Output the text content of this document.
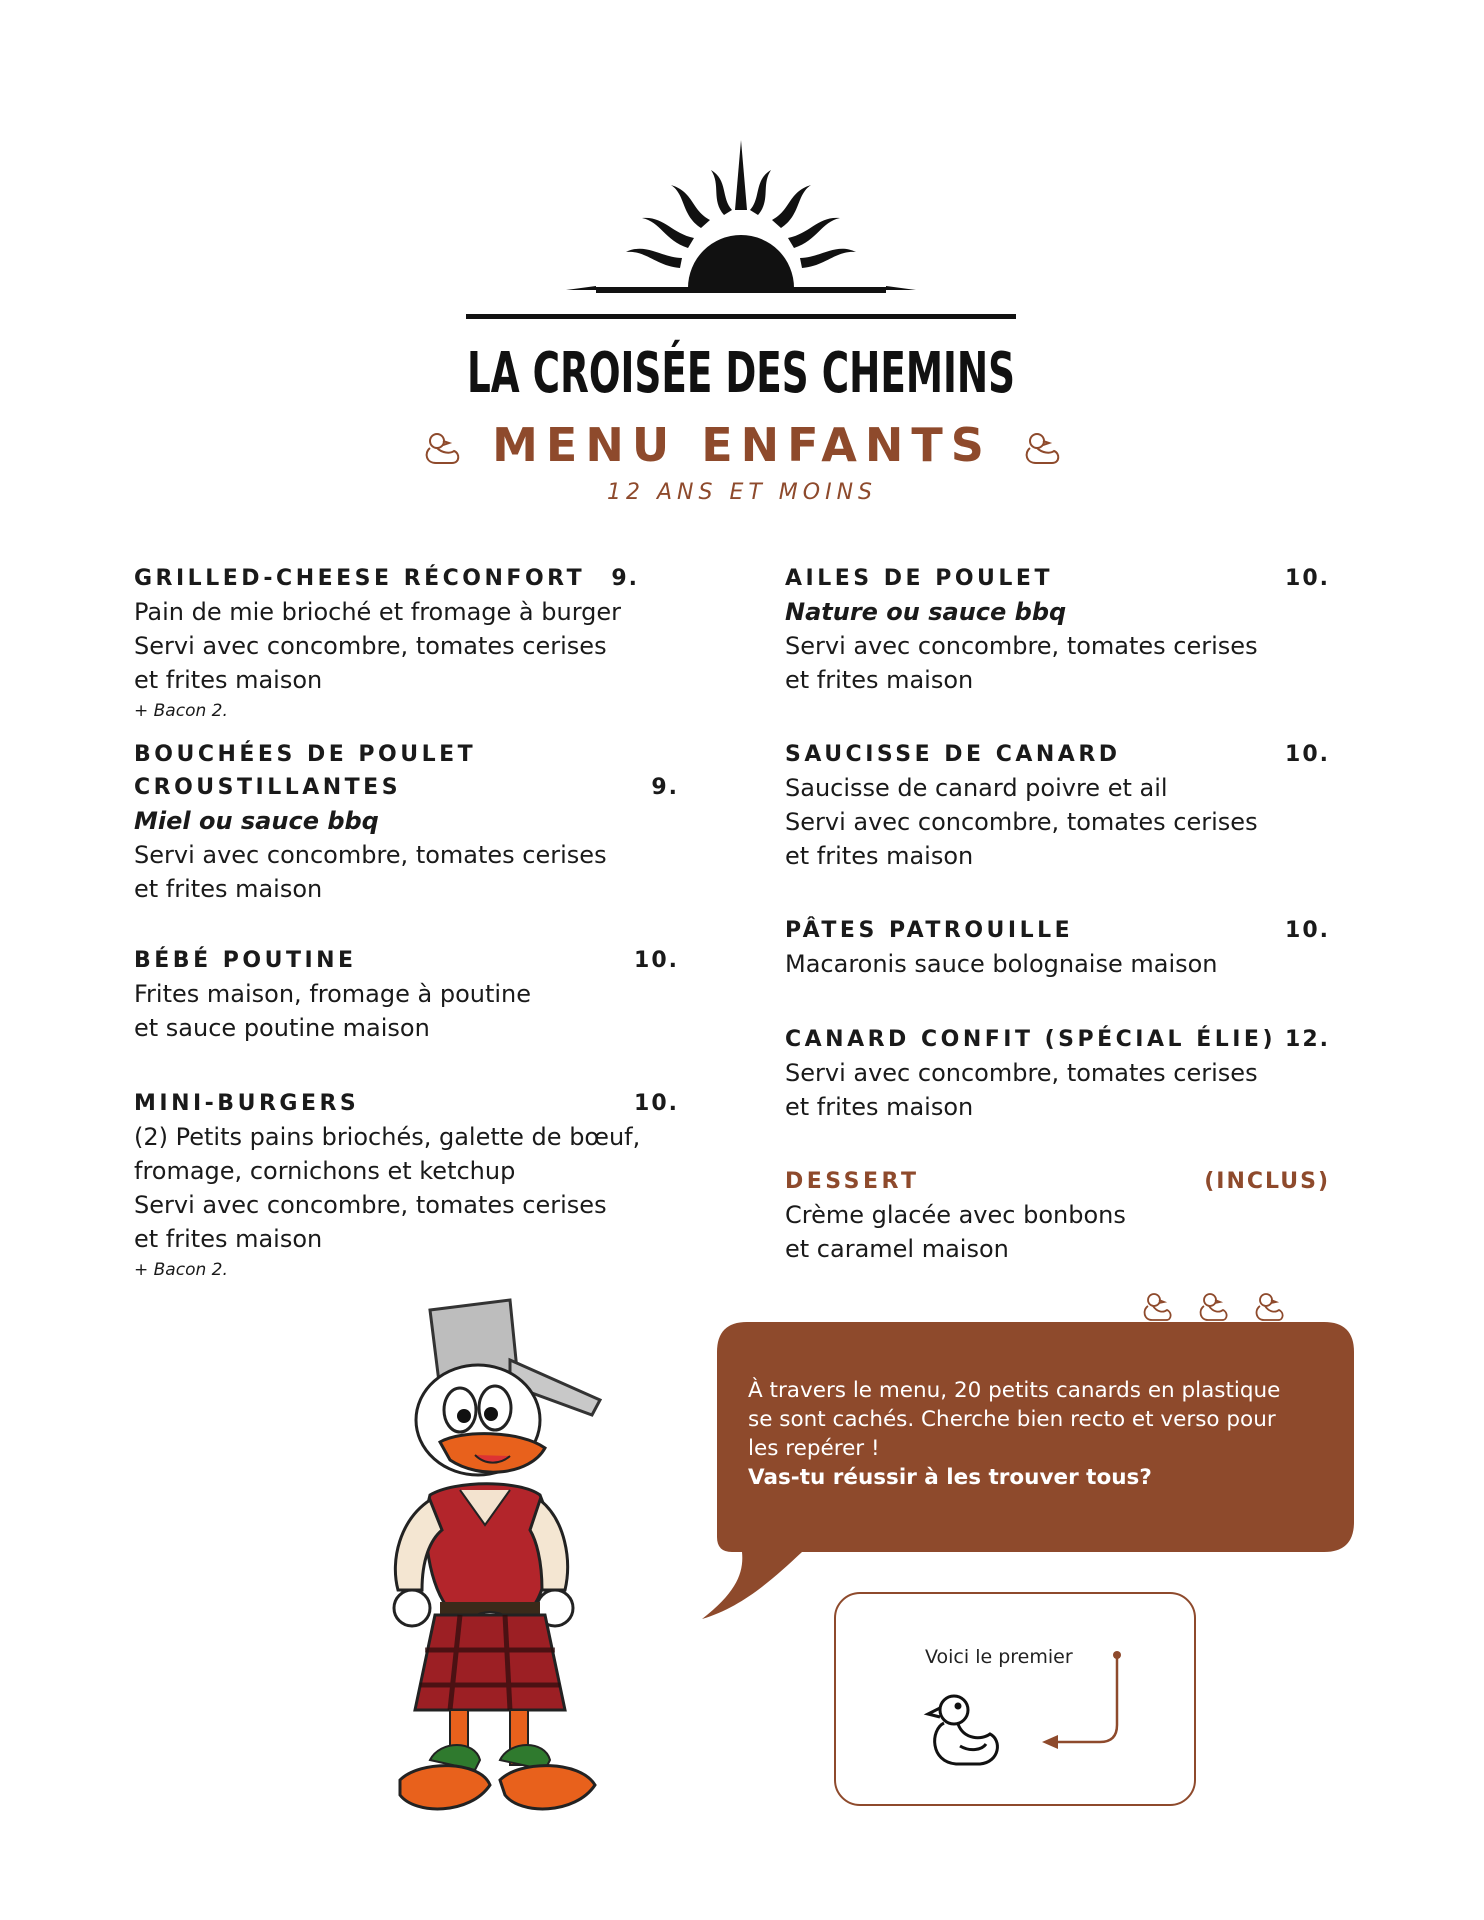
LA CROISÉE DES CHEMINS
MENU ENFANTS
12 ANS ET MOINS
GRILLED-CHEESE RÉCONFORT 9.
Pain de mie brioché et fromage à burger
Servi avec concombre, tomates cerises
et frites maison
+ Bacon 2.
BOUCHÉES DE POULET
CROUSTILLANTES	9.
Miel ou sauce bbq
Servi avec concombre, tomates cerises
et frites maison
BÉBÉ POUTINE	10.
Frites maison, fromage à poutine
et sauce poutine maison
MINI-BURGERS	10.
(2) Petits pains briochés, galette de bœuf,
fromage, cornichons et ketchup
Servi avec concombre, tomates cerises
et frites maison
+ Bacon 2.
AILES DE POULET	10.
Nature ou sauce bbq
Servi avec concombre, tomates cerises
et frites maison
SAUCISSE DE CANARD	10.
Saucisse de canard poivre et ail
Servi avec concombre, tomates cerises
et frites maison
PÂTES PATROUILLE	10.
Macaronis sauce bolognaise maison
CANARD CONFIT (SPÉCIAL ÉLIE) 12.
Servi avec concombre, tomates cerises
et frites maison
DESSERT	(INCLUS)
Crème glacée avec bonbons
et caramel maison
À travers le menu, 20 petits canards en plastique
se sont cachés. Cherche bien recto et verso pour
les repérer !
Vas-tu réussir à les trouver tous?
Voici le premier
